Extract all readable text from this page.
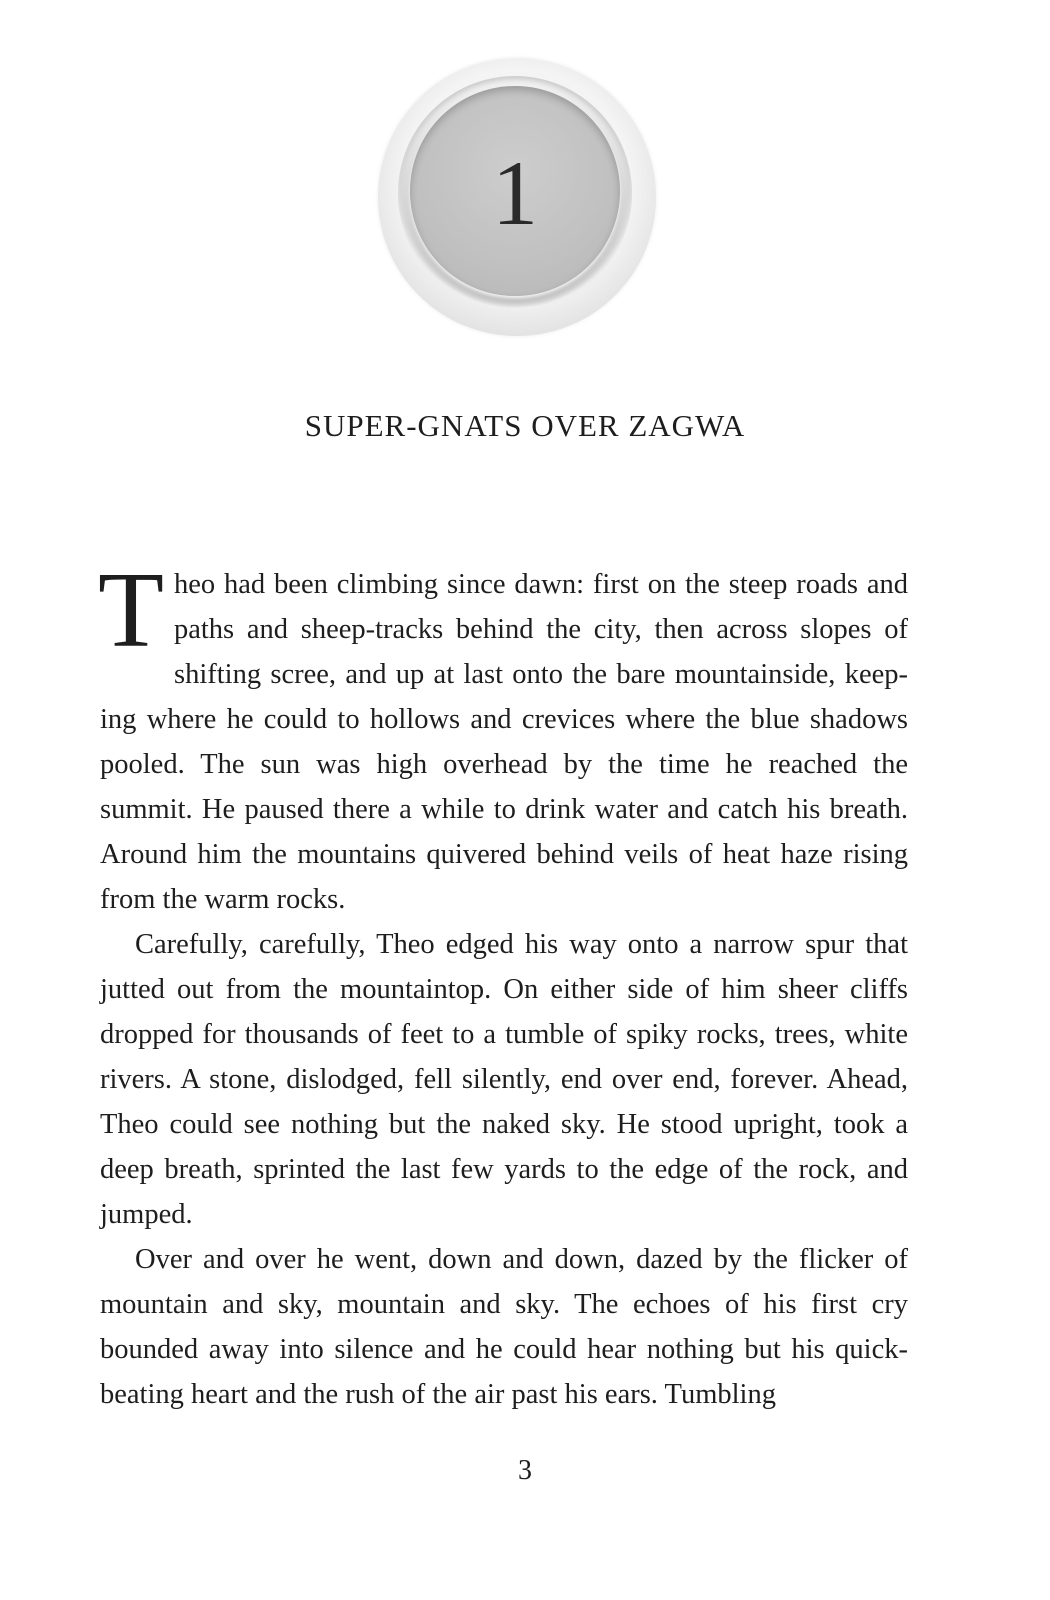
1
SUPER-GNATS OVER ZAGWA

Theo had been climbing since dawn: first on the steep roads and paths and sheep-tracks behind the city, then across slopes of shifting scree, and up at last onto the bare mountainside, keeping where he could to hollows and crevices where the blue shadows pooled. The sun was high overhead by the time he reached the summit. He paused there a while to drink water and catch his breath. Around him the mountains quivered behind veils of heat haze rising from the warm rocks.

Carefully, carefully, Theo edged his way onto a narrow spur that jutted out from the mountaintop. On either side of him sheer cliffs dropped for thousands of feet to a tumble of spiky rocks, trees, white rivers. A stone, dislodged, fell silently, end over end, forever. Ahead, Theo could see nothing but the naked sky. He stood upright, took a deep breath, sprinted the last few yards to the edge of the rock, and jumped.

Over and over he went, down and down, dazed by the flicker of mountain and sky, mountain and sky. The echoes of his first cry bounded away into silence and he could hear nothing but his quick-beating heart and the rush of the air past his ears. Tumbling

3
